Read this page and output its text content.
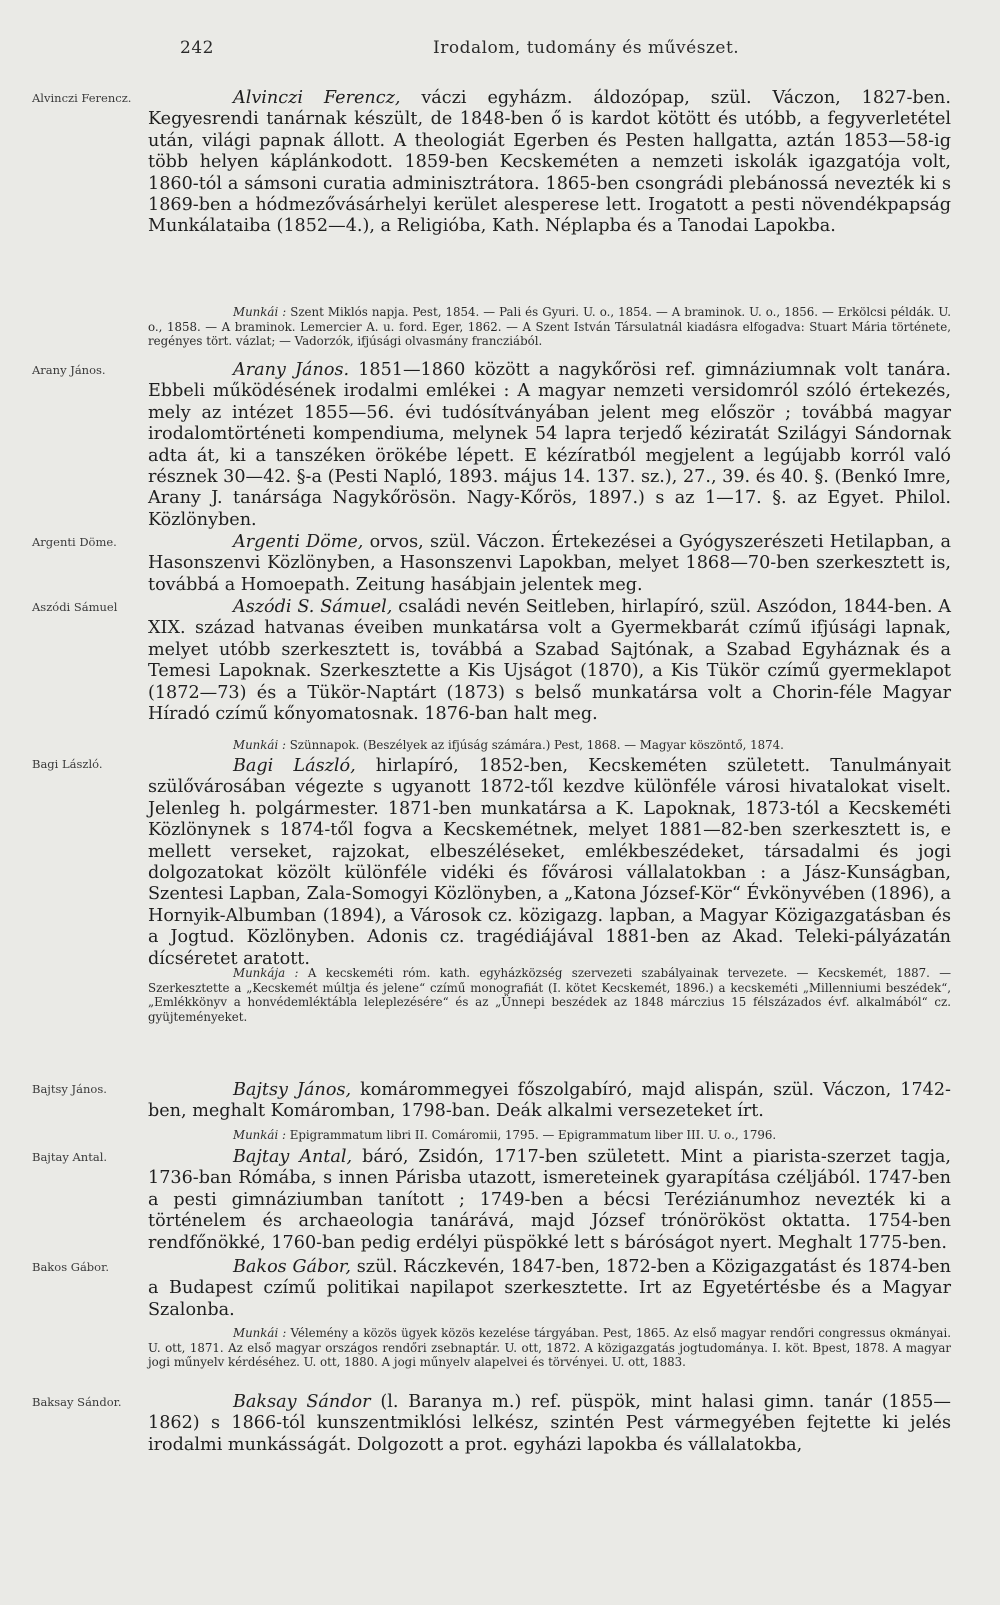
242	Irodalom, tudomány és művészet.
Alvinczi Ferencz.	Alvinczi Ferencz, váczi egyházm. áldozópap, szül. Váczon, 1827-ben. Kegyesrendi tanárnak készült, de 1848-ben ő is kardot kötött és utóbb, a fegyverletétel után, világi papnak állott. A theologiát Egerben és Pesten hallgatta, aztán 1853—58-ig több helyen káplánkodott. 1859-ben Kecskeméten a nemzeti iskolák igazgatója volt, 1860-tól a sámsoni curatia adminisztrátora. 1865-ben csongrádi plebánossá nevezték ki s 1869-ben a hódmezővásárhelyi kerület alesperese lett. Irogatott a pesti növendékpapság Munkálataiba (1852—4.), a Religióba, Kath. Néplapba és a Tanodai Lapokba.
Munkái : Szent Miklós napja. Pest, 1854. — Pali és Gyuri. U. o., 1854. — A braminok. U. o., 1856. — Erkölcsi példák. U. o., 1858. — A braminok. Lemercier A. u. ford. Eger, 1862. — A Szent István Társulatnál kiadásra elfogadva: Stuart Mária története, regényes tört. vázlat; — Vadorzók, ifjúsági olvasmány francziából.
Arany János.	Arany János. 1851—1860 között a nagykőrösi ref. gimnáziumnak volt tanára. Ebbeli működésének irodalmi emlékei : A magyar nemzeti versidomról szóló értekezés, mely az intézet 1855—56. évi tudósítványában jelent meg először ; továbbá magyar irodalomtörténeti kompendiuma, melynek 54 lapra terjedő kéziratát Szilágyi Sándornak adta át, ki a tanszéken örökébe lépett. E kézíratból megjelent a legújabb korról való résznek 30—42. §-a (Pesti Napló, 1893. május 14. 137. sz.), 27., 39. és 40. §. (Benkó Imre, Arany J. tanársága Nagykőrösön. Nagy-Kőrös, 1897.) s az 1—17. §. az Egyet. Philol. Közlönyben.
Argenti Döme.	Argenti Döme, orvos, szül. Váczon. Értekezései a Gyógyszerészeti Hetilapban, a Hasonszenvi Közlönyben, a Hasonszenvi Lapokban, melyet 1868—70-ben szerkesztett is, továbbá a Homoepath. Zeitung hasábjain jelentek meg.
Aszódi Sámuel	Aszódi S. Sámuel, családi nevén Seitleben, hirlapíró, szül. Aszódon, 1844-ben. A XIX. század hatvanas éveiben munkatársa volt a Gyermekbarát czímű ifjúsági lapnak, melyet utóbb szerkesztett is, továbbá a Szabad Sajtónak, a Szabad Egyháznak és a Temesi Lapoknak. Szerkesztette a Kis Ujságot (1870), a Kis Tükör czímű gyermeklapot (1872—73) és a Tükör-Naptárt (1873) s belső munkatársa volt a Chorin-féle Magyar Híradó czímű kőnyomatosnak. 1876-ban halt meg.
Munkái : Szünnapok. (Beszélyek az ifjúság számára.) Pest, 1868. — Magyar köszöntő, 1874.
Bagi László.	Bagi László, hirlapíró, 1852-ben, Kecskeméten született. Tanulmányait szülővárosában végezte s ugyanott 1872-től kezdve különféle városi hivatalokat viselt. Jelenleg h. polgármester. 1871-ben munkatársa a K. Lapoknak, 1873-tól a Kecskeméti Közlönynek s 1874-től fogva a Kecskemétnek, melyet 1881—82-ben szerkesztett is, e mellett verseket, rajzokat, elbeszéléseket, emlékbeszédeket, társadalmi és jogi dolgozatokat közölt különféle vidéki és fővárosi vállalatokban : a Jász-Kunságban, Szentesi Lapban, Zala-Somogyi Közlönyben, a „Katona József-Kör“ Évkönyvében (1896), a Hornyik-Albumban (1894), a Városok cz. közigazg. lapban, a Magyar Közigazgatásban és a Jogtud. Közlönyben. Adonis cz. tragédiájával 1881-ben az Akad. Teleki-pályázatán dícséretet aratott.
Munkája : A kecskeméti róm. kath. egyházközség szervezeti szabályainak tervezete. — Kecskemét, 1887. — Szerkesztette a „Kecskemét múltja és jelene“ czímű monografiát (I. kötet Kecskemét, 1896.) a kecskeméti „Millenniumi beszédek“, „Emlékkönyv a honvédemléktábla leleplezésére“ és az „Ünnepi beszédek az 1848 márczius 15 félszázados évf. alkalmából“ cz. gyüjteményeket.
Bajtsy János.	Bajtsy János, komárommegyei főszolgabíró, majd alispán, szül. Váczon, 1742-ben, meghalt Komáromban, 1798-ban. Deák alkalmi versezeteket írt.
Munkái : Epigrammatum libri II. Comáromii, 1795. — Epigrammatum liber III. U. o., 1796.
Bajtay Antal.	Bajtay Antal, báró, Zsidón, 1717-ben született. Mint a piarista-szerzet tagja, 1736-ban Rómába, s innen Párisba utazott, ismereteinek gyarapítása czéljából. 1747-ben a pesti gimnáziumban tanított ; 1749-ben a bécsi Teréziánumhoz nevezték ki a történelem és archaeologia tanárává, majd József trónörököst oktatta. 1754-ben rendfőnökké, 1760-ban pedig erdélyi püspökké lett s báróságot nyert. Meghalt 1775-ben.
Bakos Gábor.	Bakos Gábor, szül. Ráczkevén, 1847-ben, 1872-ben a Közigazgatást és 1874-ben a Budapest czímű politikai napilapot szerkesztette. Irt az Egyetértésbe és a Magyar Szalonba.
Munkái : Vélemény a közös ügyek közös kezelése tárgyában. Pest, 1865. Az első magyar rendőri congressus okmányai. U. ott, 1871. Az első magyar országos rendőri zsebnaptár. U. ott, 1872. A közigazgatás jogtudománya. I. köt. Bpest, 1878. A magyar jogi műnyelv kérdéséhez. U. ott, 1880. A jogi műnyelv alapelvei és törvényei. U. ott, 1883.
Baksay Sándor.	Baksay Sándor (l. Baranya m.) ref. püspök, mint halasi gimn. tanár (1855—1862) s 1866-tól kunszentmiklósi lelkész, szintén Pest vármegyében fejtette ki jelés irodalmi munkásságát. Dolgozott a prot. egyházi lapokba és vállalatokba,
